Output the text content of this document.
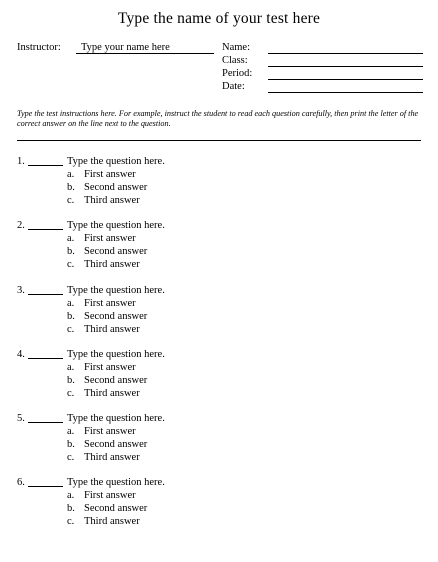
Type the name of your test here
Instructor: Type your name here	Name:
Class:
Period:
Date:
Type the test instructions here. For example, instruct the student to read each question carefully, then print the letter of the correct answer on the line next to the question.
1.	Type the question here.
a. First answer
b. Second answer
c. Third answer
2.	Type the question here.
a. First answer
b. Second answer
c. Third answer
3.	Type the question here.
a. First answer
b. Second answer
c. Third answer
4.	Type the question here.
a. First answer
b. Second answer
c. Third answer
5.	Type the question here.
a. First answer
b. Second answer
c. Third answer
6.	Type the question here.
a. First answer
b. Second answer
c. Third answer
